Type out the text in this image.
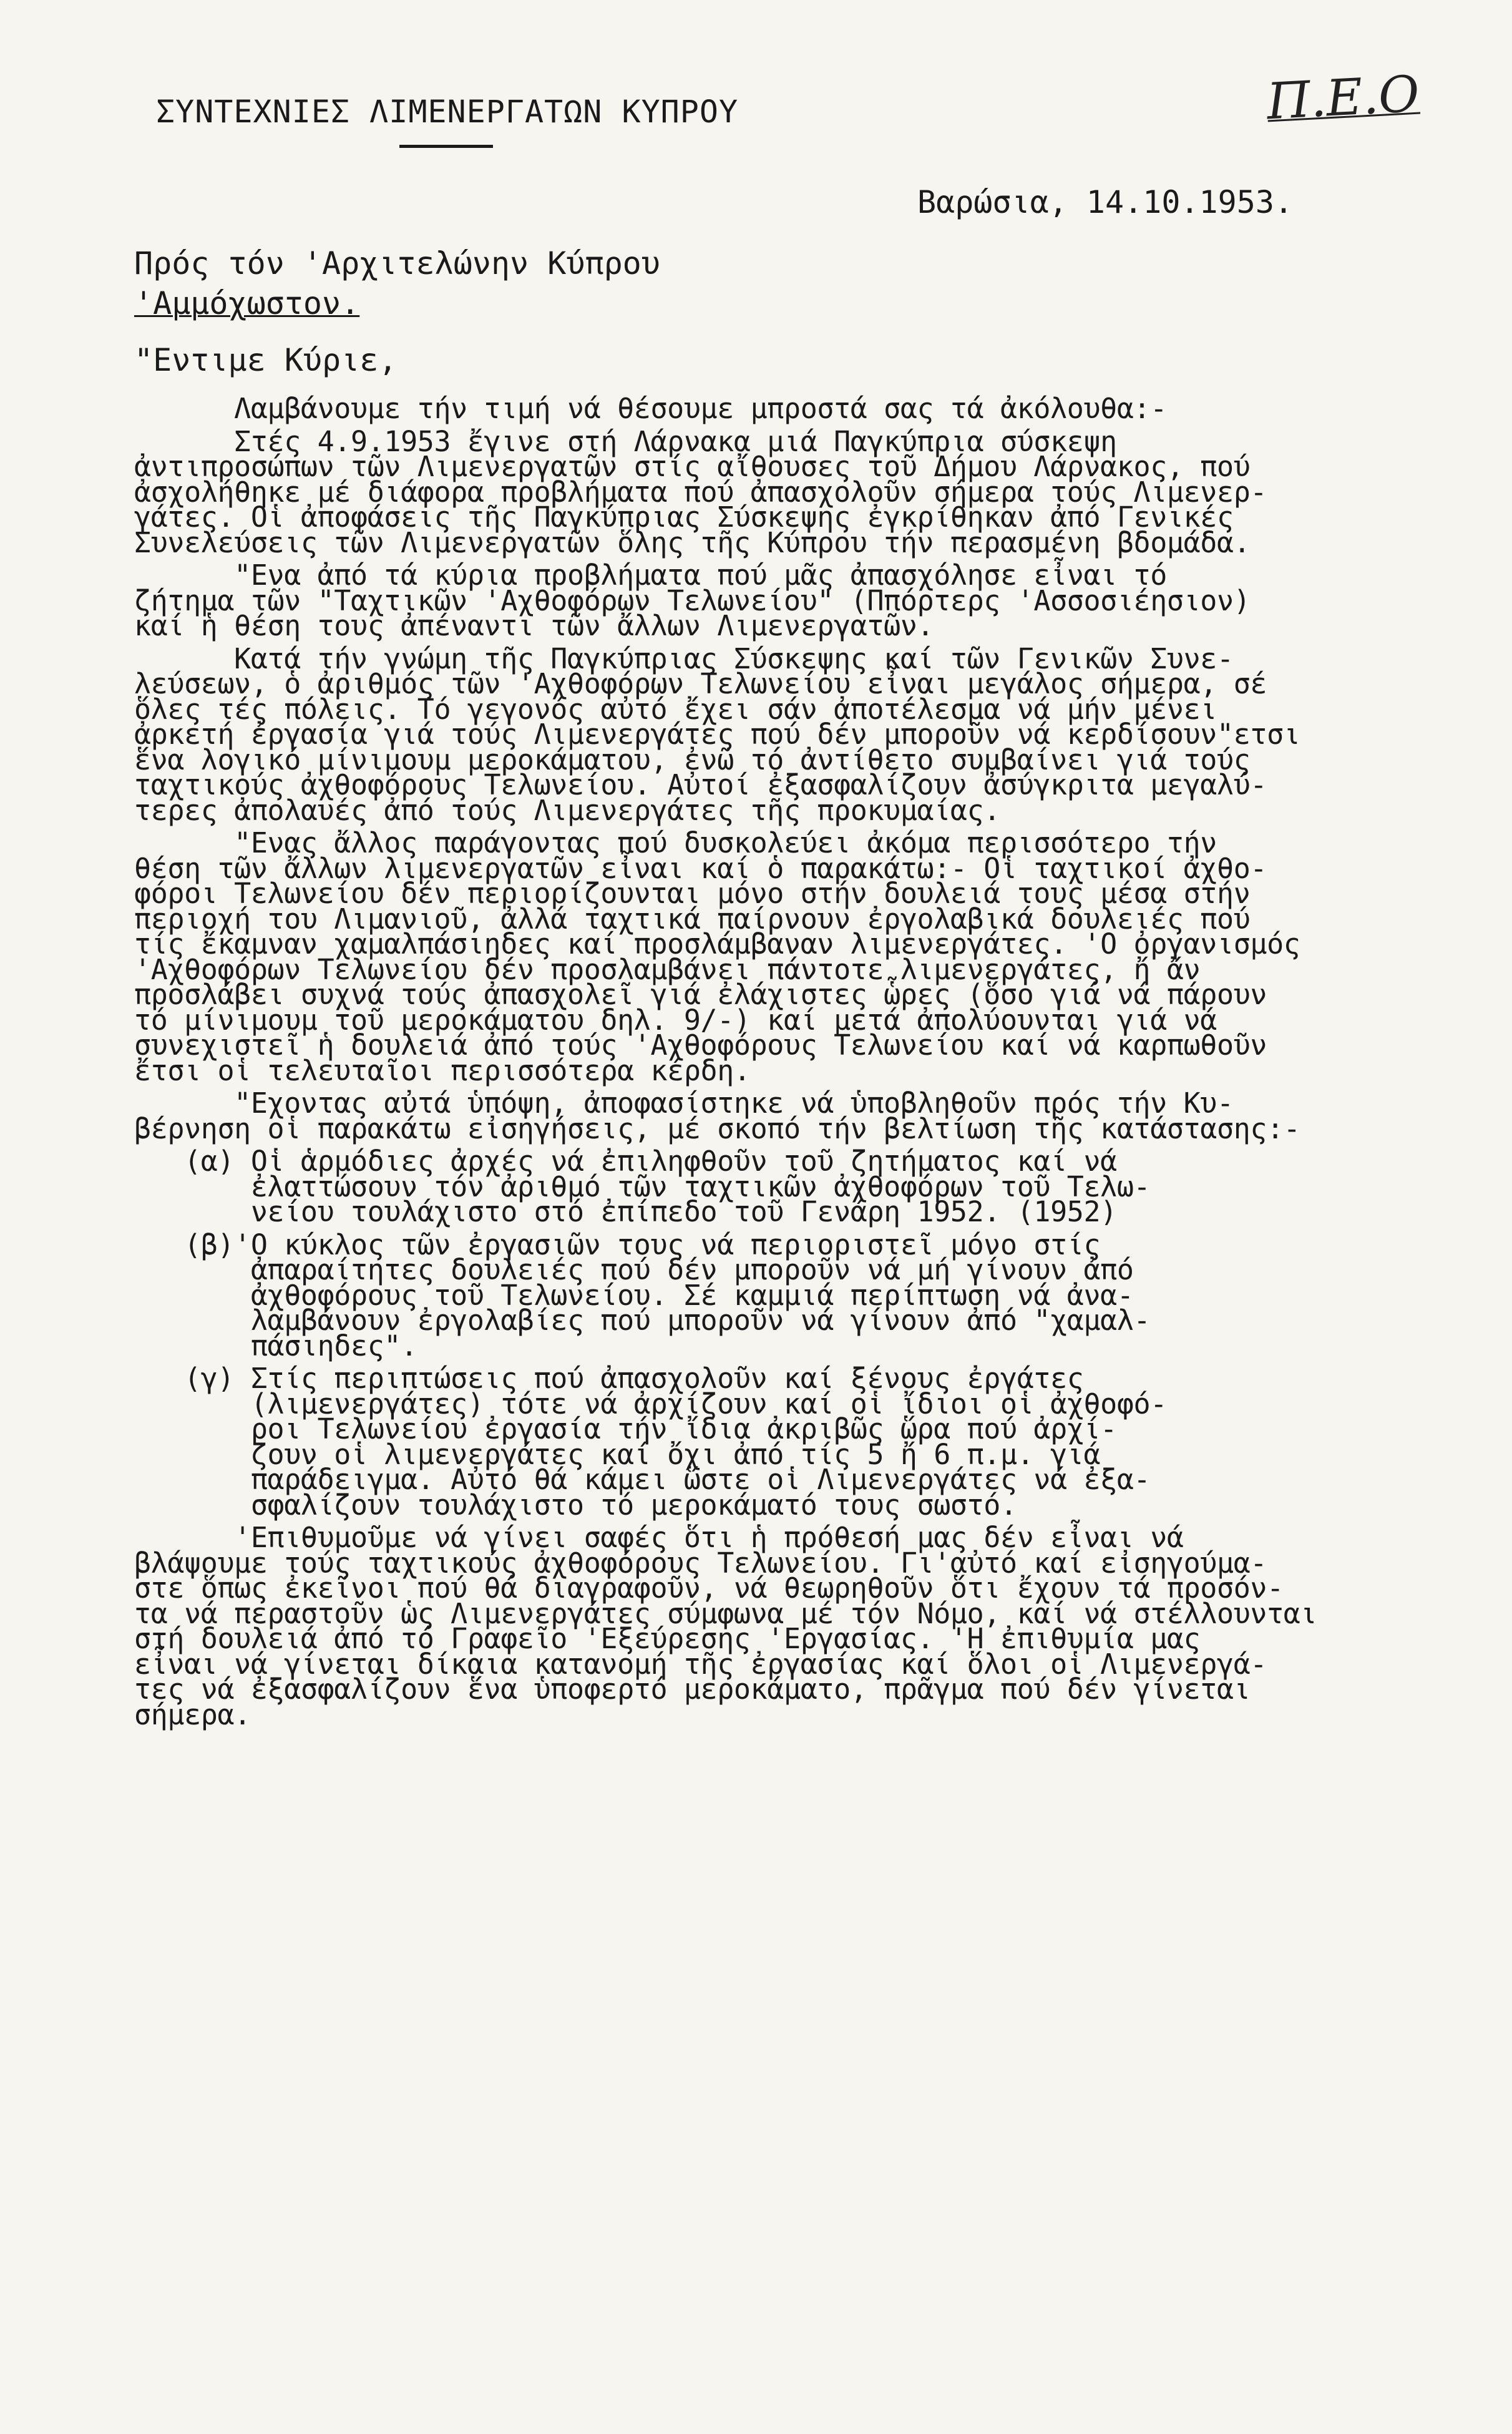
ΣΥΝΤΕΧΝΙΕΣ ΛΙΜΕΝΕΡΓΑΤΩΝ ΚΥΠΡΟΥ	Π.Ε.Ο
Βαρώσια, 14.10.1953.
Πρός τόν 'Αρχιτελώνην Κύπρου
'Αμμόχωστον.
"Εντιμε Κύριε,
Λαμβάνουμε τήν τιμή νά θέσουμε μπροστά σας τά ἀκόλουθα:-
Στές 4.9.1953 ἔγινε στή Λάρνακα μιά Παγκύπρια σύσκεψη
ἀντιπροσώπων τῶν Λιμενεργατῶν στίς αἴθουσες τοῦ Δήμου Λάρνακος, πού
ἀσχολήθηκε μέ διάφορα προβλήματα πού ἀπασχολοῦν σήμερα τούς Λιμενερ-
γάτες. Οἱ ἀποφάσεις τῆς Παγκύπριας Σύσκεψης ἐγκρίθηκαν ἀπό Γενικές
Συνελεύσεις τῶν Λιμενεργατῶν ὅλης τῆς Κύπρου τήν περασμένη βδομάδα.
"Ενα ἀπό τά κύρια προβλήματα πού μᾶς ἀπασχόλησε εἶναι τό
ζήτημα τῶν "Ταχτικῶν 'Αχθοφόρων Τελωνείου" (Ππόρτερς 'Ασσοσιέησιον)
καί ἡ θέση τους ἀπέναντι τῶν ἄλλων Λιμενεργατῶν.
Κατά τήν γνώμη τῆς Παγκύπριας Σύσκεψης καί τῶν Γενικῶν Συνε-
λεύσεων, ὁ ἀριθμός τῶν 'Αχθοφόρων Τελωνείου εἶναι μεγάλος σήμερα, σέ
ὅλες τές πόλεις. Τό γεγονός αὐτό ἔχει σάν ἀποτέλεσμα νά μήν μένει
ἀρκετή ἐργασία γιά τούς Λιμενεργάτες πού δέν μποροῦν νά κερδίσουν"ετσι
ἕνα λογικό μίνιμουμ μεροκάματου, ἐνῶ τό ἀντίθετο συμβαίνει γιά τούς
ταχτικούς ἀχθοφόρους Τελωνείου. Αὐτοί ἐξασφαλίζουν ἀσύγκριτα μεγαλύ-
τερες ἀπολαυές ἀπό τούς Λιμενεργάτες τῆς προκυμαίας.
"Ενας ἄλλος παράγοντας πού δυσκολεύει ἀκόμα περισσότερο τήν
θέση τῶν ἄλλων λιμενεργατῶν εἶναι καί ὁ παρακάτω:- Οἱ ταχτικοί ἀχθο-
φόροι Τελωνείου δέν περιορίζουνται μόνο στήν δουλειά τους μέσα στήν
περιοχή του Λιμανιοῦ, ἀλλά ταχτικά παίρνουν ἐργολαβικά δουλειές πού
τίς ἔκαμναν χαμαλπάσιηδες καί προσλάμβαναν λιμενεργάτες. 'Ο ὀργανισμός
'Αχθοφόρων Τελωνείου δέν προσλαμβάνει πάντοτε λιμενεργάτες, ἤ ἄν
προσλάβει συχνά τούς ἀπασχολεῖ γιά ἐλάχιστες ὧρες (ὅσο γιά νά πάρουν
τό μίνιμουμ τοῦ μεροκάματου δηλ. 9/-) καί μετά ἀπολύουνται γιά νά
συνεχιστεῖ ἡ δουλειά ἀπό τούς 'Αχθοφόρους Τελωνείου καί νά καρπωθοῦν
ἔτσι οἱ τελευταῖοι περισσότερα κέρδη.
"Εχοντας αὐτά ὑπόψη, ἀποφασίστηκε νά ὑποβληθοῦν πρός τήν Κυ-
βέρνηση οἱ παρακάτω εἰσηγήσεις, μέ σκοπό τήν βελτίωση τῆς κατάστασης:-
(α) Οἱ ἁρμόδιες ἀρχές νά ἐπιληφθοῦν τοῦ ζητήματος καί νά
ἐλαττώσουν τόν ἀριθμό τῶν ταχτικῶν ἀχθοφόρων τοῦ Τελω-
νείου τουλάχιστο στό ἐπίπεδο τοῦ Γενάρη 1952. (1952)
(β)'Ο κύκλος τῶν ἐργασιῶν τους νά περιοριστεῖ μόνο στίς
ἀπαραίτητες δουλειές πού δέν μποροῦν νά μή γίνουν ἀπό
ἀχθοφόρους τοῦ Τελωνείου. Σέ καμμιά περίπτωση νά ἀνα-
λαμβάνουν ἐργολαβίες πού μποροῦν νά γίνουν ἀπό "χαμαλ-
πάσιηδες".
(γ) Στίς περιπτώσεις πού ἀπασχολοῦν καί ξένους ἐργάτες
(λιμενεργάτες) τότε νά ἀρχίζουν καί οἱ ἴδιοι οἱ ἀχθοφό-
ροι Τελωνείου ἐργασία τήν ἴδια ἀκριβῶς ὥρα πού ἀρχί-
ζουν οἱ λιμενεργάτες καί ὄχι ἀπό τίς 5 ἤ 6 π.μ. γιά
παράδειγμα. Αὐτό θά κάμει ὥστε οἱ Λιμενεργάτες νά ἐξα-
σφαλίζουν τουλάχιστο τό μεροκάματό τους σωστό.
'Επιθυμοῦμε νά γίνει σαφές ὅτι ἡ πρόθεσή μας δέν εἶναι νά
βλάψουμε τούς ταχτικούς ἀχθοφόρους Τελωνείου. Γι'αὐτό καί εἰσηγούμα-
στε ὅπως ἐκεῖνοι πού θά διαγραφοῦν, νά θεωρηθοῦν ὅτι ἔχουν τά προσόν-
τα νά περαστοῦν ὡς Λιμενεργάτες σύμφωνα μέ τόν Νόμο, καί νά στέλλουνται
στή δουλειά ἀπό τό Γραφεῖο 'Εξεύρεσης 'Εργασίας. 'Η ἐπιθυμία μας
εἶναι νά γίνεται δίκαια κατανομή τῆς ἐργασίας καί ὅλοι οἱ Λιμενεργά-
τες νά ἐξασφαλίζουν ἕνα ὑποφερτό μεροκάματο, πρᾶγμα πού δέν γίνεται
σήμερα.
